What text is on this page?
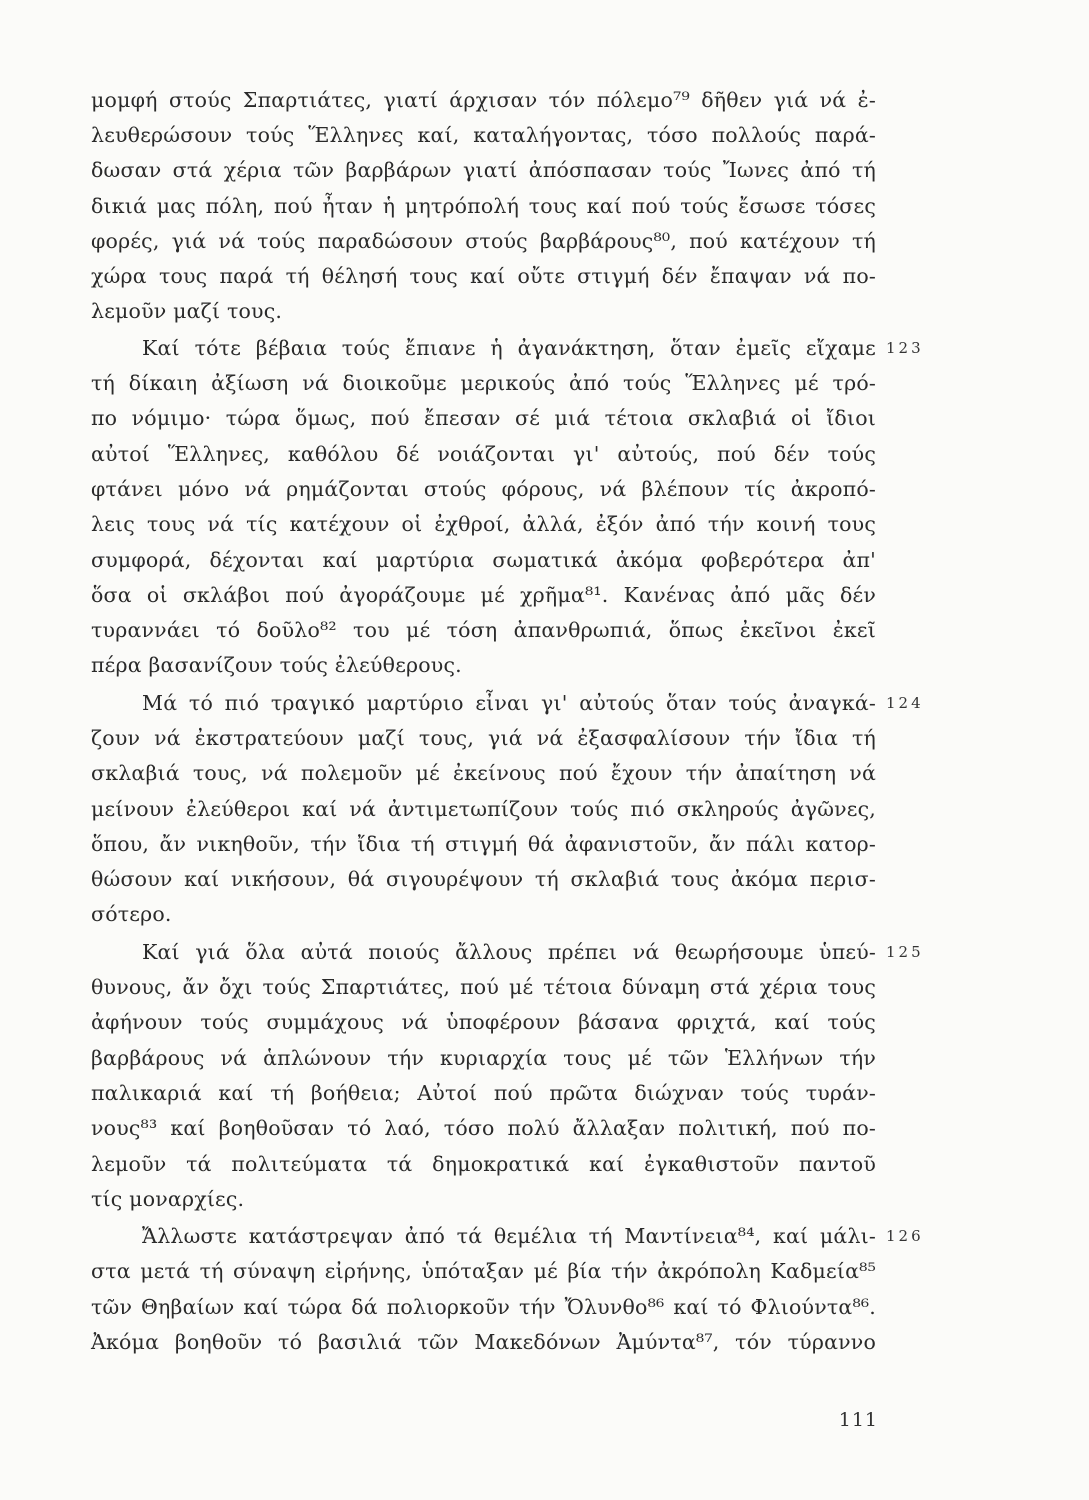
μομφή στούς Σπαρτιάτες, γιατί άρχισαν τόν πόλεμο⁷⁹ δῆθεν γιά νά ἐ-
λευθερώσουν τούς Ἕλληνες καί, καταλήγοντας, τόσο πολλούς παρά-
δωσαν στά χέρια τῶν βαρβάρων γιατί ἀπόσπασαν τούς Ἴωνες ἀπό τή
δικιά μας πόλη, πού ἦταν ἡ μητρόπολή τους καί πού τούς ἔσωσε τόσες
φορές, γιά νά τούς παραδώσουν στούς βαρβάρους⁸⁰, πού κατέχουν τή
χώρα τους παρά τή θέλησή τους καί οὔτε στιγμή δέν ἔπαψαν νά πο-
λεμοῦν μαζί τους.
Καί τότε βέβαια τούς ἔπιανε ἡ ἀγανάκτηση, ὅταν ἐμεῖς εἴχαμε 123
τή δίκαιη ἀξίωση νά διοικοῦμε μερικούς ἀπό τούς Ἕλληνες μέ τρό-
πο νόμιμο· τώρα ὅμως, πού ἔπεσαν σέ μιά τέτοια σκλαβιά οἱ ἴδιοι
αὐτοί Ἕλληνες, καθόλου δέ νοιάζονται γι' αὐτούς, πού δέν τούς
φτάνει μόνο νά ρημάζονται στούς φόρους, νά βλέπουν τίς ἀκροπό-
λεις τους νά τίς κατέχουν οἱ ἐχθροί, ἀλλά, ἐξόν ἀπό τήν κοινή τους
συμφορά, δέχονται καί μαρτύρια σωματικά ἀκόμα φοβερότερα ἀπ'
ὅσα οἱ σκλάβοι πού ἀγοράζουμε μέ χρῆμα⁸¹. Κανένας ἀπό μᾶς δέν
τυραννάει τό δοῦλο⁸² του μέ τόση ἀπανθρωπιά, ὅπως ἐκεῖνοι ἐκεῖ
πέρα βασανίζουν τούς ἐλεύθερους.
Μά τό πιό τραγικό μαρτύριο εἶναι γι' αὐτούς ὅταν τούς ἀναγκά- 124
ζουν νά ἐκστρατεύουν μαζί τους, γιά νά ἐξασφαλίσουν τήν ἴδια τή
σκλαβιά τους, νά πολεμοῦν μέ ἐκείνους πού ἔχουν τήν ἀπαίτηση νά
μείνουν ἐλεύθεροι καί νά ἀντιμετωπίζουν τούς πιό σκληρούς ἀγῶνες,
ὅπου, ἄν νικηθοῦν, τήν ἴδια τή στιγμή θά ἀφανιστοῦν, ἄν πάλι κατορ-
θώσουν καί νικήσουν, θά σιγουρέψουν τή σκλαβιά τους ἀκόμα περισ-
σότερο.
Καί γιά ὅλα αὐτά ποιούς ἄλλους πρέπει νά θεωρήσουμε ὑπεύ- 125
θυνους, ἄν ὄχι τούς Σπαρτιάτες, πού μέ τέτοια δύναμη στά χέρια τους
ἀφήνουν τούς συμμάχους νά ὑποφέρουν βάσανα φριχτά, καί τούς
βαρβάρους νά ἁπλώνουν τήν κυριαρχία τους μέ τῶν Ἑλλήνων τήν
παλικαριά καί τή βοήθεια; Αὐτοί πού πρῶτα διώχναν τούς τυράν-
νους⁸³ καί βοηθοῦσαν τό λαό, τόσο πολύ ἄλλαξαν πολιτική, πού πο-
λεμοῦν τά πολιτεύματα τά δημοκρατικά καί ἐγκαθιστοῦν παντοῦ
τίς μοναρχίες.
Ἄλλωστε κατάστρεψαν ἀπό τά θεμέλια τή Μαντίνεια⁸⁴, καί μάλι- 126
στα μετά τή σύναψη εἰρήνης, ὑπόταξαν μέ βία τήν ἀκρόπολη Καδμεία⁸⁵
τῶν Θηβαίων καί τώρα δά πολιορκοῦν τήν Ὄλυνθο⁸⁶ καί τό Φλιούντα⁸⁶.
Ἀκόμα βοηθοῦν τό βασιλιά τῶν Μακεδόνων Ἀμύντα⁸⁷, τόν τύραννο
111
